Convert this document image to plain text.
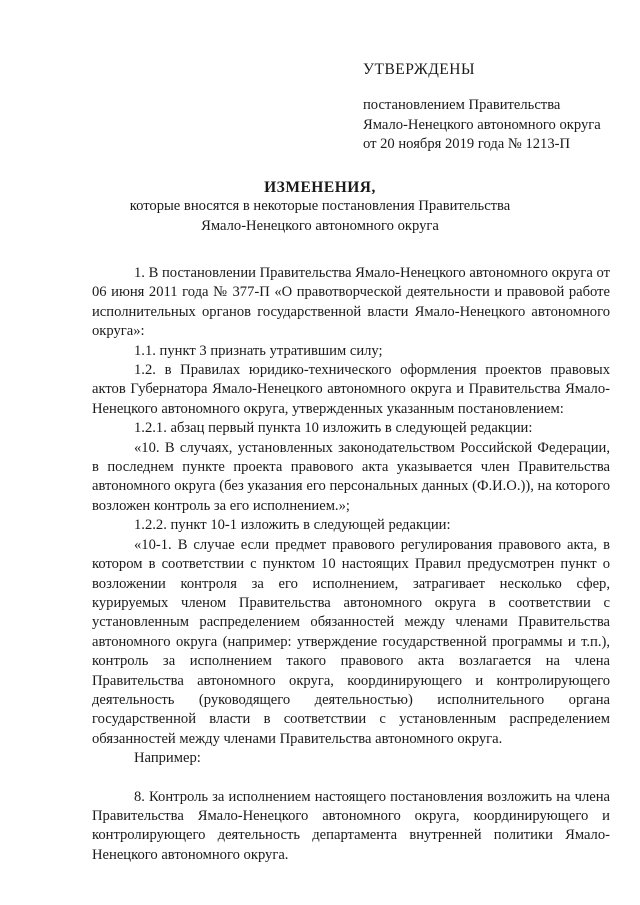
УТВЕРЖДЕНЫ
постановлением Правительства
Ямало-Ненецкого автономного округа
от 20 ноября 2019 года № 1213-П
ИЗМЕНЕНИЯ,
которые вносятся в некоторые постановления Правительства
Ямало-Ненецкого автономного округа

1. В постановлении Правительства Ямало-Ненецкого автономного округа от 06 июня 2011 года № 377-П «О правотворческой деятельности и правовой работе исполнительных органов государственной власти Ямало-Ненецкого автономного округа»:

1.1. пункт 3 признать утратившим силу;

1.2. в Правилах юридико-технического оформления проектов правовых актов Губернатора Ямало-Ненецкого автономного округа и Правительства Ямало-Ненецкого автономного округа, утвержденных указанным постановлением:

1.2.1. абзац первый пункта 10 изложить в следующей редакции:

«10. В случаях, установленных законодательством Российской Федерации, в последнем пункте проекта правового акта указывается член Правительства автономного округа (без указания его персональных данных (Ф.И.О.)), на которого возложен контроль за его исполнением.»;

1.2.2. пункт 10-1 изложить в следующей редакции:

«10-1. В случае если предмет правового регулирования правового акта, в котором в соответствии с пунктом 10 настоящих Правил предусмотрен пункт о возложении контроля за его исполнением, затрагивает несколько сфер, курируемых членом Правительства автономного округа в соответствии с установленным распределением обязанностей между членами Правительства автономного округа (например: утверждение государственной программы и т.п.), контроль за исполнением такого правового акта возлагается на члена Правительства автономного округа, координирующего и контролирующего деятельность (руководящего деятельностью) исполнительного органа государственной власти в соответствии с установленным распределением обязанностей между членами Правительства автономного округа.

Например:

8. Контроль за исполнением настоящего постановления возложить на члена Правительства Ямало-Ненецкого автономного округа, координирующего и контролирующего деятельность департамента внутренней политики Ямало-Ненецкого автономного округа.
